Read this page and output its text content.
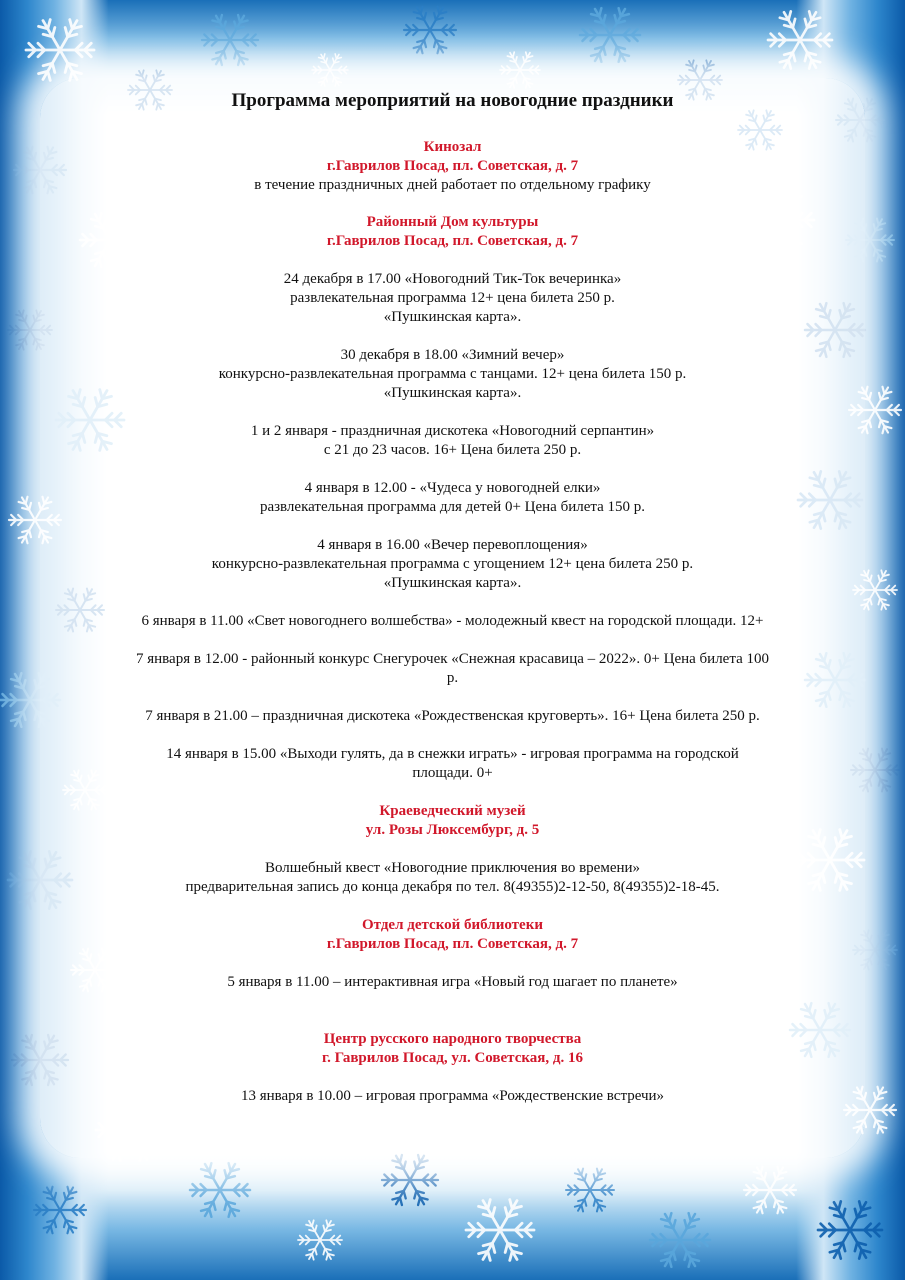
Программа мероприятий на новогодние праздники

Кинозал

г.Гаврилов Посад, пл. Советская, д. 7

в течение праздничных дней работает по отдельному графику

Районный Дом культуры

г.Гаврилов Посад, пл. Советская, д. 7

24 декабря в 17.00 «Новогодний Тик-Ток вечеринка»

развлекательная программа 12+ цена билета 250 р.

«Пушкинская карта».

30 декабря в 18.00 «Зимний вечер»

конкурсно-развлекательная программа с танцами. 12+ цена билета 150 р.

«Пушкинская карта».

1 и 2 января - праздничная дискотека «Новогодний серпантин»

с 21 до 23 часов. 16+ Цена билета 250 р.

4 января в 12.00 - «Чудеса у новогодней елки»

развлекательная программа для детей 0+ Цена билета 150 р.

4 января в 16.00 «Вечер перевоплощения»

конкурсно-развлекательная программа с угощением 12+ цена билета 250 р.

«Пушкинская карта».

6 января в 11.00 «Свет новогоднего волшебства» - молодежный квест на городской площади. 12+

7 января в 12.00 - районный конкурс Снегурочек «Снежная красавица – 2022». 0+ Цена билета 100

р.

7 января в 21.00 – праздничная дискотека «Рождественская круговерть». 16+ Цена билета 250 р.

14 января в 15.00 «Выходи гулять, да в снежки играть» - игровая программа на городской

площади. 0+

Краеведческий музей

ул. Розы Люксембург, д. 5

Волшебный квест «Новогодние приключения во времени»

предварительная запись до конца декабря по тел. 8(49355)2-12-50, 8(49355)2-18-45.

Отдел детской библиотеки

г.Гаврилов Посад, пл. Советская, д. 7

5 января в 11.00 – интерактивная игра «Новый год шагает по планете»

Центр русского народного творчества

г. Гаврилов Посад, ул. Советская, д. 16

13 января в 10.00 – игровая программа «Рождественские встречи»
